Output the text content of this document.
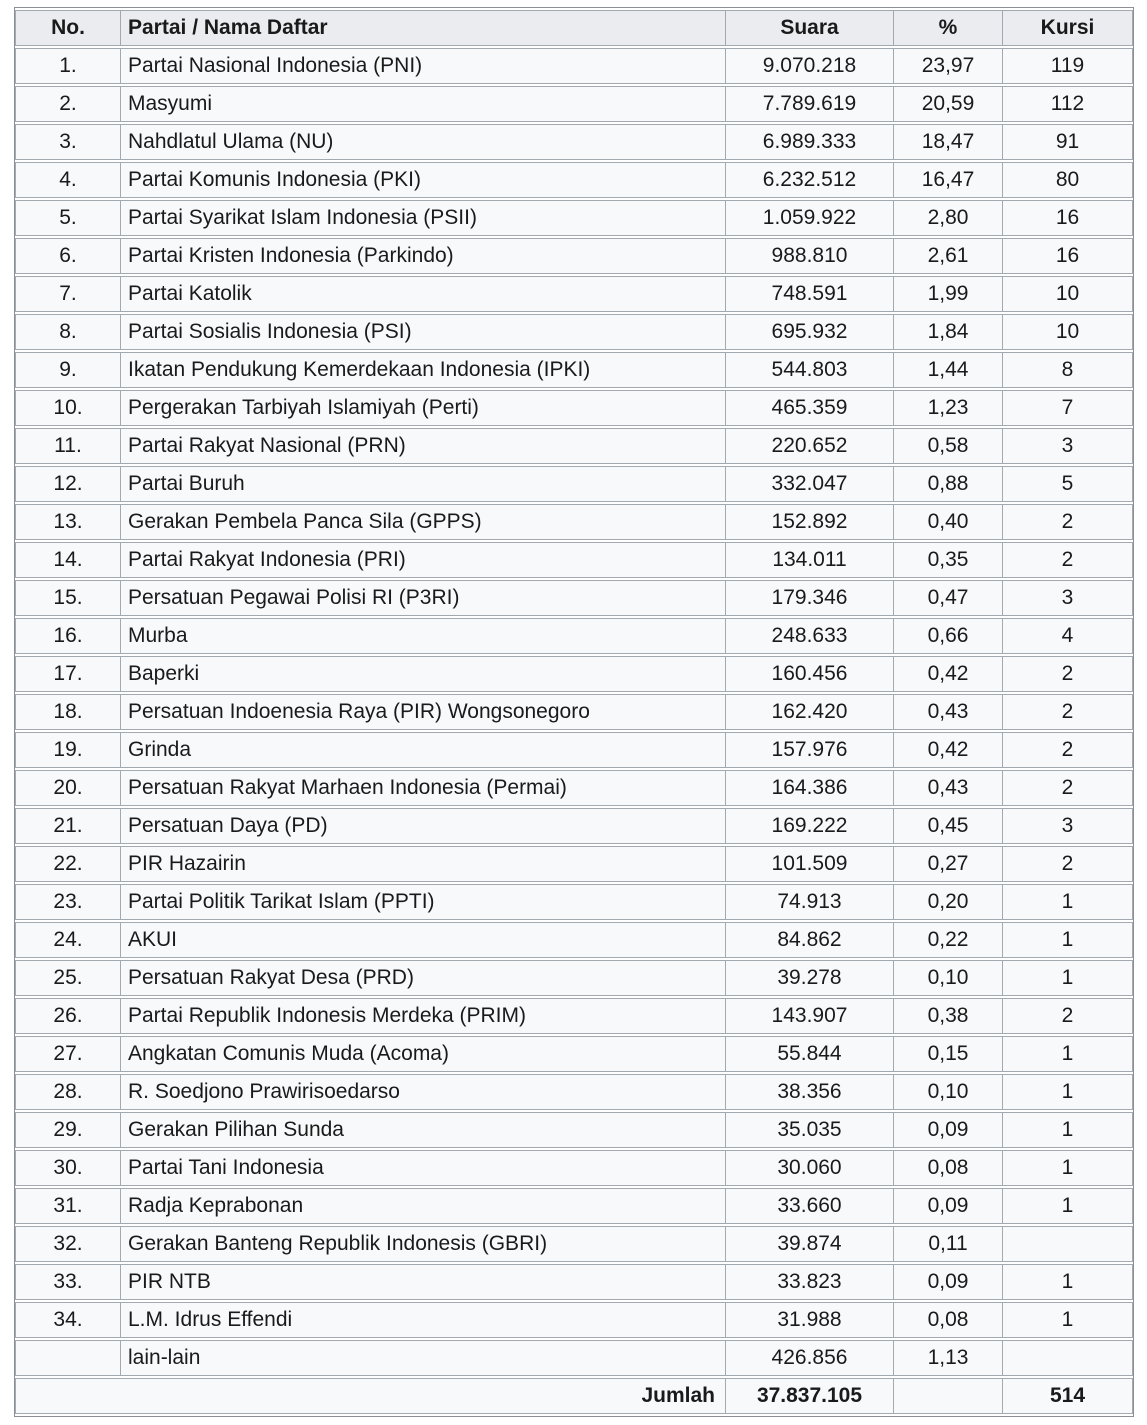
No.	Partai / Nama Daftar	Suara	%	Kursi
1.	Partai Nasional Indonesia (PNI)	9.070.218	23,97	119
2.	Masyumi	7.789.619	20,59	112
3.	Nahdlatul Ulama (NU)	6.989.333	18,47	91
4.	Partai Komunis Indonesia (PKI)	6.232.512	16,47	80
5.	Partai Syarikat Islam Indonesia (PSII)	1.059.922	2,80	16
6.	Partai Kristen Indonesia (Parkindo)	988.810	2,61	16
7.	Partai Katolik	748.591	1,99	10
8.	Partai Sosialis Indonesia (PSI)	695.932	1,84	10
9.	Ikatan Pendukung Kemerdekaan Indonesia (IPKI)	544.803	1,44	8
10.	Pergerakan Tarbiyah Islamiyah (Perti)	465.359	1,23	7
11.	Partai Rakyat Nasional (PRN)	220.652	0,58	3
12.	Partai Buruh	332.047	0,88	5
13.	Gerakan Pembela Panca Sila (GPPS)	152.892	0,40	2
14.	Partai Rakyat Indonesia (PRI)	134.011	0,35	2
15.	Persatuan Pegawai Polisi RI (P3RI)	179.346	0,47	3
16.	Murba	248.633	0,66	4
17.	Baperki	160.456	0,42	2
18.	Persatuan Indoenesia Raya (PIR) Wongsonegoro	162.420	0,43	2
19.	Grinda	157.976	0,42	2
20.	Persatuan Rakyat Marhaen Indonesia (Permai)	164.386	0,43	2
21.	Persatuan Daya (PD)	169.222	0,45	3
22.	PIR Hazairin	101.509	0,27	2
23.	Partai Politik Tarikat Islam (PPTI)	74.913	0,20	1
24.	AKUI	84.862	0,22	1
25.	Persatuan Rakyat Desa (PRD)	39.278	0,10	1
26.	Partai Republik Indonesis Merdeka (PRIM)	143.907	0,38	2
27.	Angkatan Comunis Muda (Acoma)	55.844	0,15	1
28.	R. Soedjono Prawirisoedarso	38.356	0,10	1
29.	Gerakan Pilihan Sunda	35.035	0,09	1
30.	Partai Tani Indonesia	30.060	0,08	1
31.	Radja Keprabonan	33.660	0,09	1
32.	Gerakan Banteng Republik Indonesis (GBRI)	39.874	0,11	
33.	PIR NTB	33.823	0,09	1
34.	L.M. Idrus Effendi	31.988	0,08	1
	lain-lain	426.856	1,13	
Jumlah		37.837.105		514
